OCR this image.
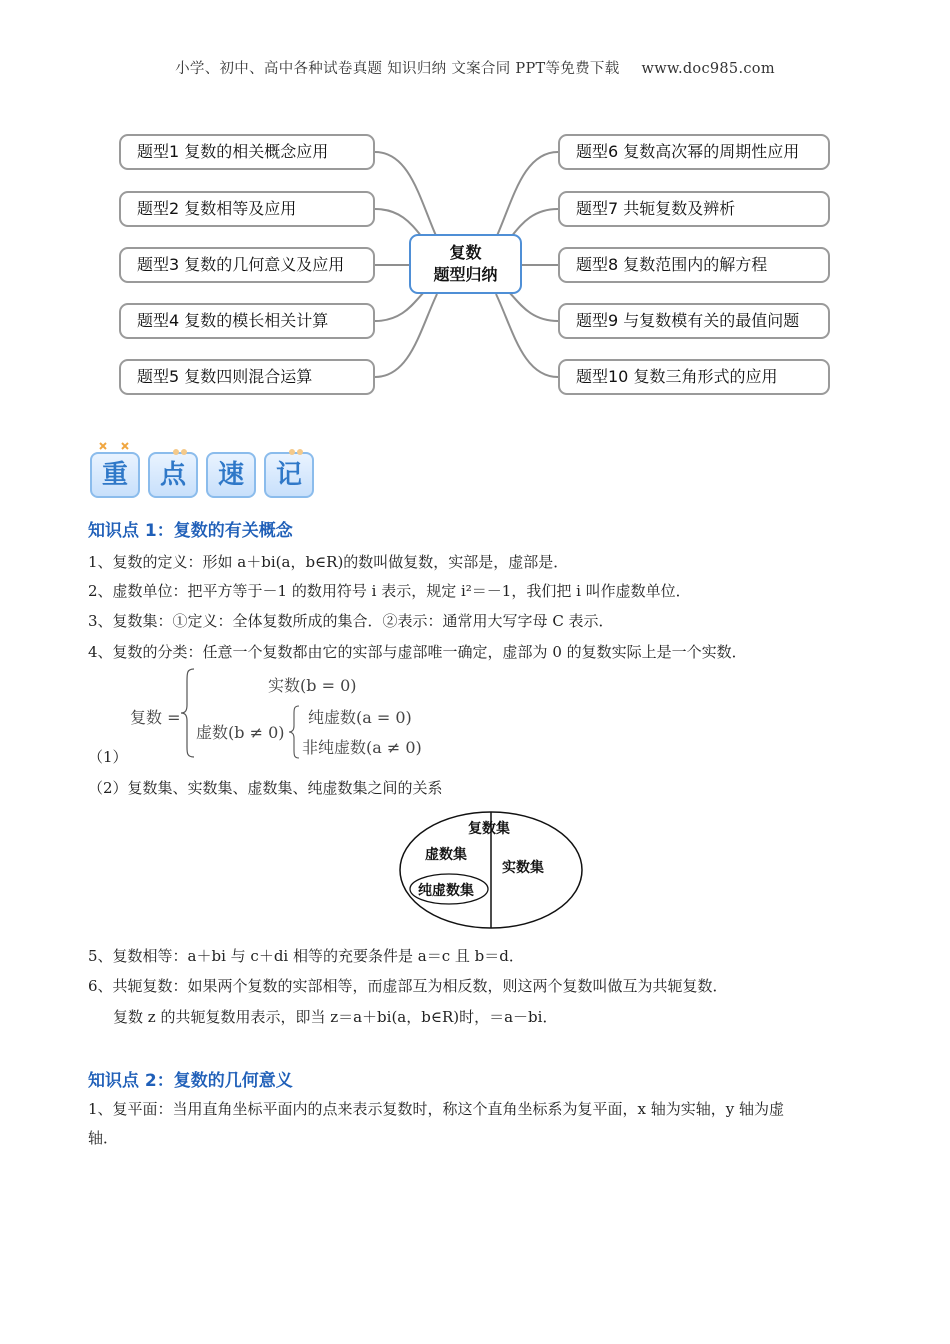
小学、初中、高中各种试卷真题 知识归纳 文案合同 PPT等免费下载 www.doc985.com
题型1 复数的相关概念应用
题型2 复数相等及应用
题型3 复数的几何意义及应用
题型4 复数的模长相关计算
题型5 复数四则混合运算
题型6 复数高次幂的周期性应用
题型7 共轭复数及辨析
题型8 复数范围内的解方程
题型9 与复数模有关的最值问题
题型10 复数三角形式的应用
复数
题型归纳
重	点	速	记
知识点 1：复数的有关概念
1、复数的定义：形如 a＋bi(a，b∈R)的数叫做复数，实部是，虚部是．
2、虚数单位：把平方等于－1 的数用符号 i 表示，规定 i²＝－1，我们把 i 叫作虚数单位．
3、复数集：①定义：全体复数所成的集合．②表示：通常用大写字母 C 表示．
4、复数的分类：任意一个复数都由它的实部与虚部唯一确定，虚部为 0 的复数实际上是一个实数．
复数 =
实数(b = 0)
虚数(b ≠ 0)
纯虚数(a = 0)
非纯虚数(a ≠ 0)
（1）
（2）复数集、实数集、虚数集、纯虚数集之间的关系
复数集
虚数集
实数集
纯虚数集
5、复数相等：a＋bi 与 c＋di 相等的充要条件是 a＝c 且 b＝d．
6、共轭复数：如果两个复数的实部相等，而虚部互为相反数，则这两个复数叫做互为共轭复数．
复数 z 的共轭复数用表示，即当 z＝a＋bi(a，b∈R)时，＝a－bi．
知识点 2：复数的几何意义
1、复平面：当用直角坐标平面内的点来表示复数时，称这个直角坐标系为复平面，x 轴为实轴，y 轴为虚
轴．
